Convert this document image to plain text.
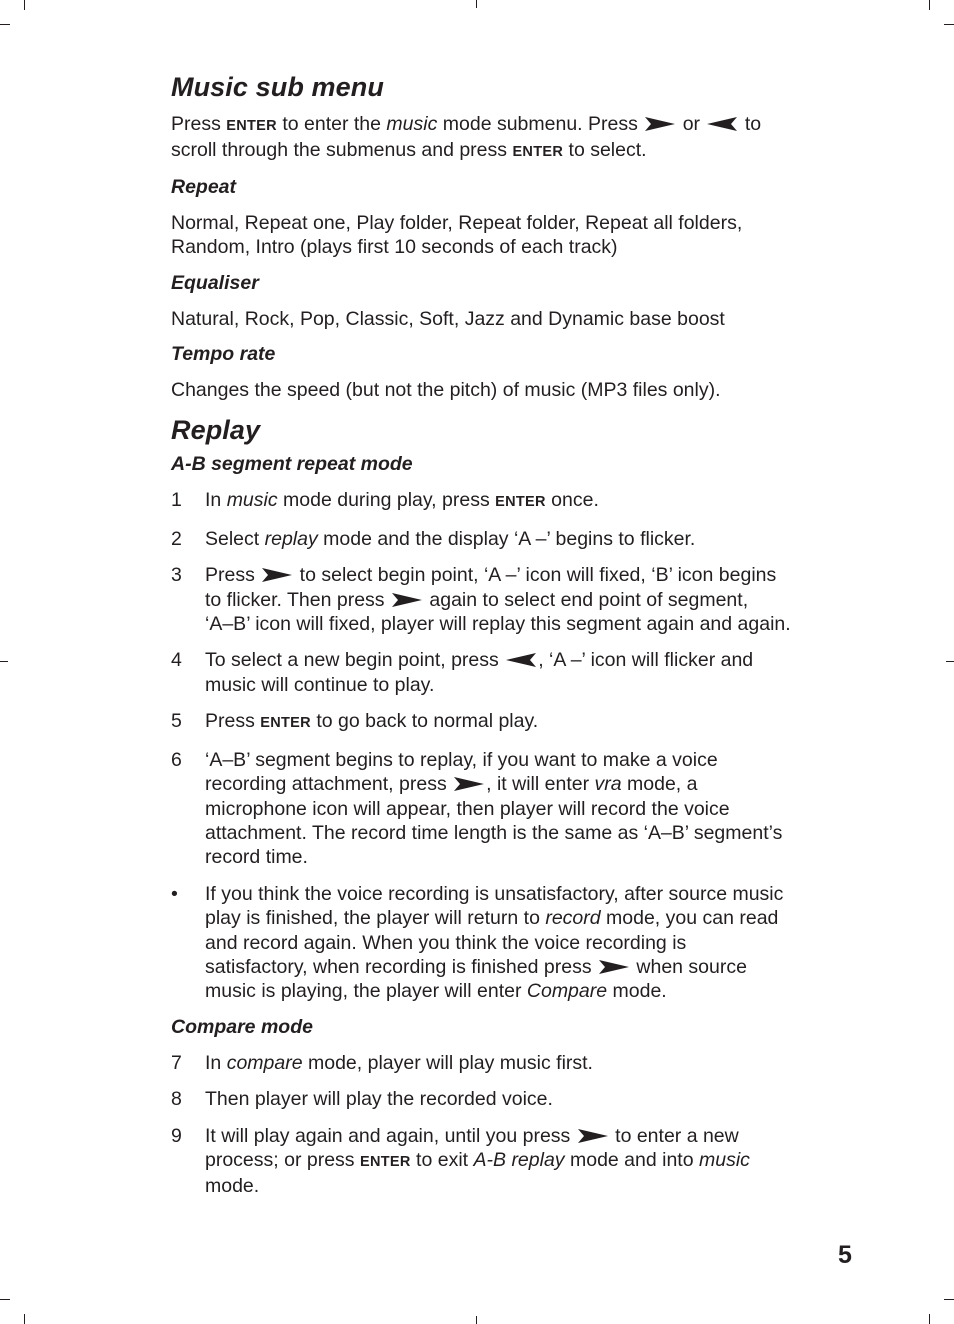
Music sub menu

Press ENTER to enter the music mode submenu. Press  or  to
scroll through the submenus and press ENTER to select.

Repeat

Normal, Repeat one, Play folder, Repeat folder, Repeat all folders,
Random, Intro (plays first 10 seconds of each track)

Equaliser

Natural, Rock, Pop, Classic, Soft, Jazz and Dynamic base boost

Tempo rate

Changes the speed (but not the pitch) of music (MP3 files only).

Replay
A-B segment repeat mode
1	In music mode during play, press ENTER once.
2	Select replay mode and the display ‘A –’ begins to flicker.
3	Press  to select begin point, ‘A –’ icon will fixed, ‘B’ icon begins
to flicker. Then press  again to select end point of segment,
‘A–B’ icon will fixed, player will replay this segment again and again.
4	To select a new begin point, press , ‘A –’ icon will flicker and
music will continue to play.
5	Press ENTER to go back to normal play.
6	‘A–B’ segment begins to replay, if you want to make a voice
recording attachment, press , it will enter vra mode, a
microphone icon will appear, then player will record the voice
attachment. The record time length is the same as ‘A–B’ segment’s
record time.
•	If you think the voice recording is unsatisfactory, after source music
play is finished, the player will return to record mode, you can read
and record again. When you think the voice recording is
satisfactory, when recording is finished press  when source
music is playing, the player will enter Compare mode.
Compare mode
7	In compare mode, player will play music first.
8	Then player will play the recorded voice.
9	It will play again and again, until you press  to enter a new
process; or press ENTER to exit A-B replay mode and into music
mode.
5
